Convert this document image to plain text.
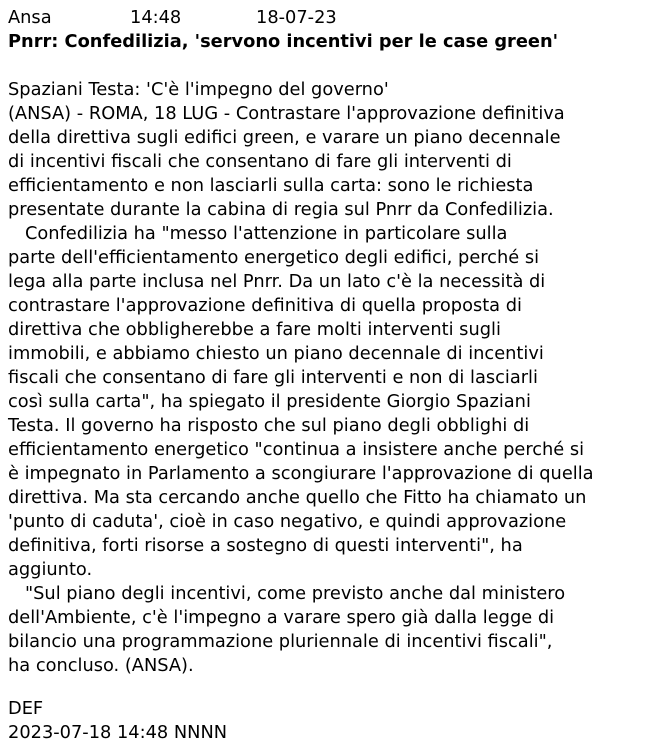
Ansa

	14:48

	18-07-23

Pnrr: Confedilizia, 'servono incentivi per le case green'
Spaziani Testa: 'C'è l'impegno del governo'
(ANSA) - ROMA, 18 LUG - Contrastare l'approvazione definitiva
della direttiva sugli edifici green, e varare un piano decennale
di incentivi fiscali che consentano di fare gli interventi di
efficientamento e non lasciarli sulla carta: sono le richiesta
presentate durante la cabina di regia sul Pnrr da Confedilizia.
Confedilizia ha "messo l'attenzione in particolare sulla
parte dell'efficientamento energetico degli edifici, perché si
lega alla parte inclusa nel Pnrr. Da un lato c'è la necessità di
contrastare l'approvazione definitiva di quella proposta di
direttiva che obbligherebbe a fare molti interventi sugli
immobili, e abbiamo chiesto un piano decennale di incentivi
fiscali che consentano di fare gli interventi e non di lasciarli
così sulla carta", ha spiegato il presidente Giorgio Spaziani
Testa. Il governo ha risposto che sul piano degli obblighi di
efficientamento energetico "continua a insistere anche perché si
è impegnato in Parlamento a scongiurare l'approvazione di quella
direttiva. Ma sta cercando anche quello che Fitto ha chiamato un
'punto di caduta', cioè in caso negativo, e quindi approvazione
definitiva, forti risorse a sostegno di questi interventi", ha
aggiunto.
"Sul piano degli incentivi, come previsto anche dal ministero
dell'Ambiente, c'è l'impegno a varare spero già dalla legge di
bilancio una programmazione pluriennale di incentivi fiscali",
ha concluso. (ANSA).
DEF
2023-07-18 14:48 NNNN
